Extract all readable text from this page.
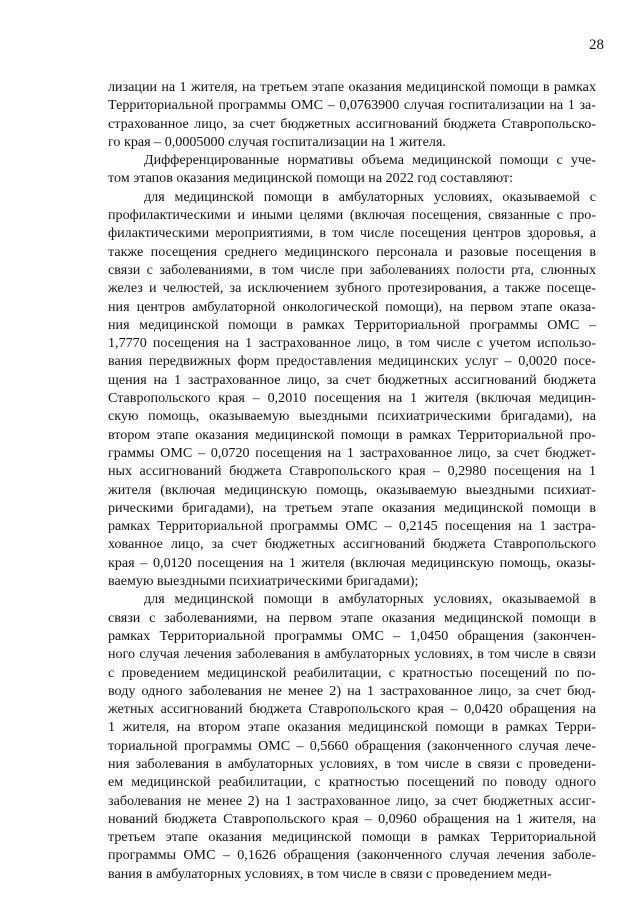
28
лизации на 1 жителя, на третьем этапе оказания медицинской помощи в рамках
Территориальной программы ОМС – 0,0763900 случая госпитализации на 1 за-
страхованное лицо, за счет бюджетных ассигнований бюджета Ставропольско-
го края – 0,0005000 случая госпитализации на 1 жителя.
Дифференцированные нормативы объема медицинской помощи с уче-
том этапов оказания медицинской помощи на 2022 год составляют:
для медицинской помощи в амбулаторных условиях, оказываемой с
профилактическими и иными целями (включая посещения, связанные с про-
филактическими мероприятиями, в том числе посещения центров здоровья, а
также посещения среднего медицинского персонала и разовые посещения в
связи с заболеваниями, в том числе при заболеваниях полости рта, слюнных
желез и челюстей, за исключением зубного протезирования, а также посеще-
ния центров амбулаторной онкологической помощи), на первом этапе оказа-
ния медицинской помощи в рамках Территориальной программы ОМС –
1,7770 посещения на 1 застрахованное лицо, в том числе с учетом использо-
вания передвижных форм предоставления медицинских услуг – 0,0020 посе-
щения на 1 застрахованное лицо, за счет бюджетных ассигнований бюджета
Ставропольского края – 0,2010 посещения на 1 жителя (включая медицин-
скую помощь, оказываемую выездными психиатрическими бригадами), на
втором этапе оказания медицинской помощи в рамках Территориальной про-
граммы ОМС – 0,0720 посещения на 1 застрахованное лицо, за счет бюджет-
ных ассигнований бюджета Ставропольского края – 0,2980 посещения на 1
жителя (включая медицинскую помощь, оказываемую выездными психиат-
рическими бригадами), на третьем этапе оказания медицинской помощи в
рамках Территориальной программы ОМС – 0,2145 посещения на 1 застра-
хованное лицо, за счет бюджетных ассигнований бюджета Ставропольского
края – 0,0120 посещения на 1 жителя (включая медицинскую помощь, оказы-
ваемую выездными психиатрическими бригадами);
для медицинской помощи в амбулаторных условиях, оказываемой в
связи с заболеваниями, на первом этапе оказания медицинской помощи в
рамках Территориальной программы ОМС – 1,0450 обращения (закончен-
ного случая лечения заболевания в амбулаторных условиях, в том числе в связи
с проведением медицинской реабилитации, с кратностью посещений по по-
воду одного заболевания не менее 2) на 1 застрахованное лицо, за счет бюд-
жетных ассигнований бюджета Ставропольского края – 0,0420 обращения на
1 жителя, на втором этапе оказания медицинской помощи в рамках Терри-
ториальной программы ОМС – 0,5660 обращения (законченного случая лече-
ния заболевания в амбулаторных условиях, в том числе в связи с проведени-
ем медицинской реабилитации, с кратностью посещений по поводу одного
заболевания не менее 2) на 1 застрахованное лицо, за счет бюджетных ассиг-
нований бюджета Ставропольского края – 0,0960 обращения на 1 жителя, на
третьем этапе оказания медицинской помощи в рамках Территориальной
программы ОМС – 0,1626 обращения (законченного случая лечения заболе-
вания в амбулаторных условиях, в том числе в связи с проведением меди-
